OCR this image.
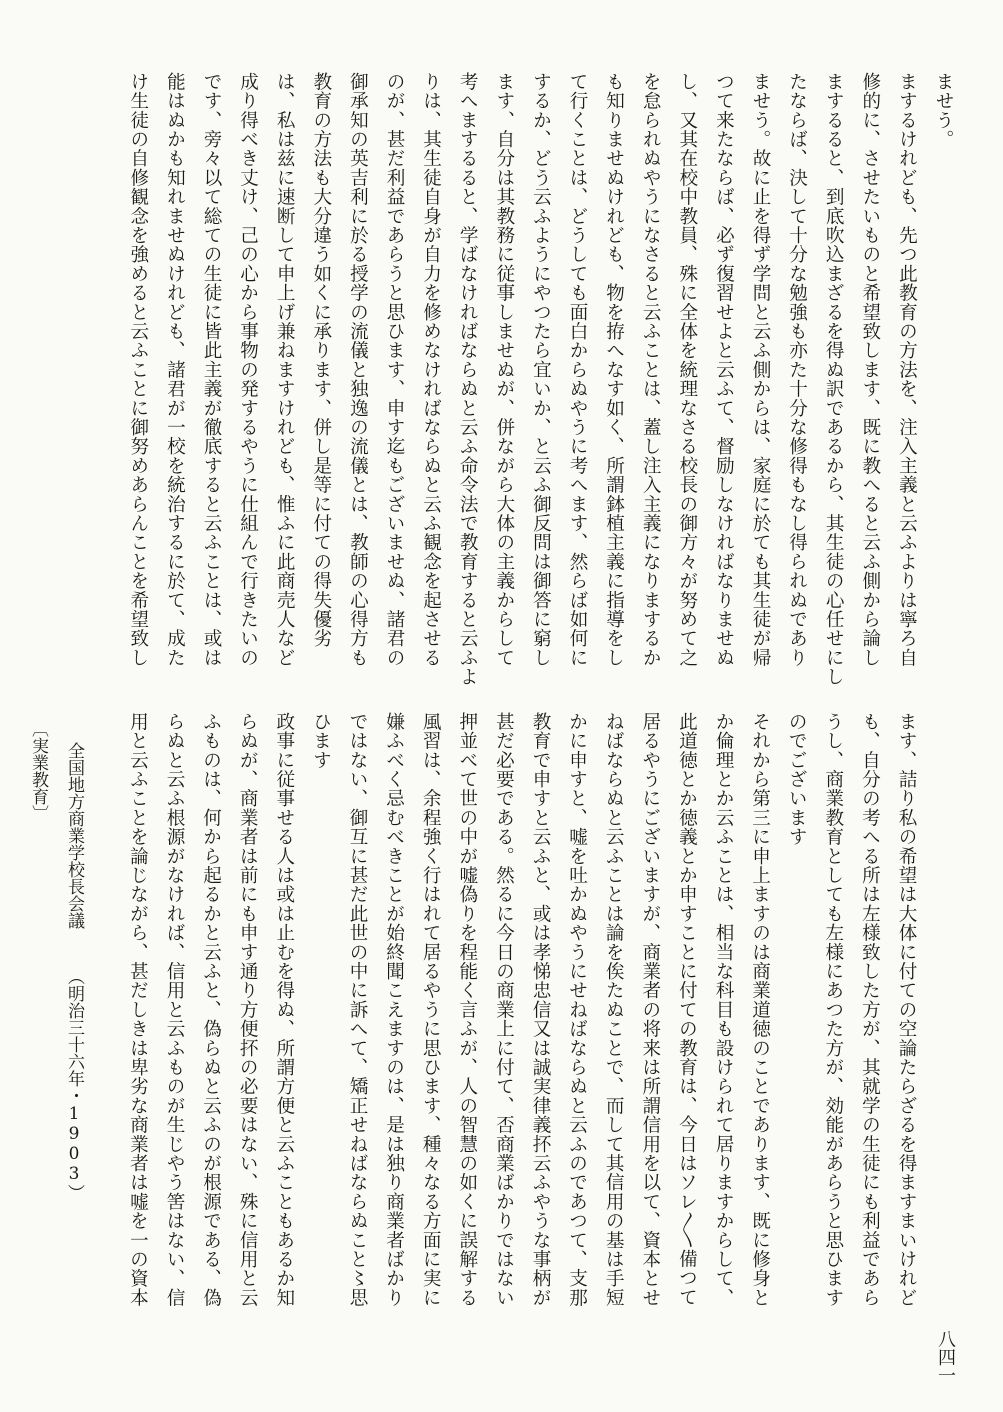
ませう。
まするけれども、先つ此教育の方法を、注入主義と云ふよりは寧ろ自
修的に、させたいものと希望致します、既に教へると云ふ側から論し
まするると、到底吹込まざるを得ぬ訳であるから、其生徒の心任せにし
たならば、決して十分な勉強も亦た十分な修得もなし得られぬであり
ませう。故に止を得ず学問と云ふ側からは、家庭に於ても其生徒が帰
つて来たならば、必ず復習せよと云ふて、督励しなければなりませぬ
し、又其在校中教員、殊に全体を統理なさる校長の御方々が努めて之
を怠られぬやうになさると云ふことは、蓋し注入主義になりまするか
も知りませぬけれども、物を拵へなす如く、所謂鉢植主義に指導をし
て行くことは、どうしても面白からぬやうに考へます、然らば如何に
するか、どう云ふようにやつたら宜いか、と云ふ御反問は御答に窮し
ます、自分は其教務に従事しませぬが、併ながら大体の主義からして
考へまするると、学ばなければならぬと云ふ命令法で教育すると云ふよ
りは、其生徒自身が自力を修めなければならぬと云ふ観念を起させる
のが、甚だ利益であらうと思ひます、申す迄もございませぬ、諸君の
御承知の英吉利に於る授学の流儀と独逸の流儀とは、教師の心得方も
教育の方法も大分違う如くに承ります、併し是等に付ての得失優劣
は、私は兹に速断して申上げ兼ねますけれども、惟ふに此商売人など
成り得べき丈け、己の心から事物の発するやうに仕組んで行きたいの
です、旁々以て総ての生徒に皆此主義が徹底すると云ふことは、或は
能はぬかも知れませぬけれども、諸君が一校を統治するに於て、成た
け生徒の自修観念を強めると云ふことに御努めあらんことを希望致し
ます、詰り私の希望は大体に付ての空論たらざるを得ますまいけれど
も、自分の考へる所は左様致した方が、其就学の生徒にも利益であら
うし、商業教育としても左様にあつた方が、効能があらうと思ひます
のでございます
それから第三に申上ますのは商業道徳のことであります、既に修身と
か倫理とか云ふことは、相当な科目も設けられて居りますからして、
此道徳とか徳義とか申すことに付ての教育は、今日はソレ〳〵備つて
居るやうにございますが、商業者の将来は所謂信用を以て、資本とせ
ねばならぬと云ふことは論を俟たぬことで、而して其信用の基は手短
かに申すと、嘘を吐かぬやうにせねばならぬと云ふのであつて、支那
教育で申すと云ふと、或は孝悌忠信又は誠実律義抔云ふやうな事柄が
甚だ必要である。然るに今日の商業上に付て、否商業ばかりではない
押並べて世の中が嘘偽りを程能く言ふが、人の智慧の如くに誤解する
風習は、余程強く行はれて居るやうに思ひます、種々なる方面に実に
嫌ふべく忌むべきことが始終聞こえますのは、是は独り商業者ばかり
ではない、御互に甚だ此世の中に訴へて、矯正せねばならぬこと〻思
ひます
政事に従事せる人は或は止むを得ぬ、所謂方便と云ふこともあるか知
らぬが、商業者は前にも申す通り方便抔の必要はない、殊に信用と云
ふものは、何から起るかと云ふと、偽らぬと云ふのが根源である、偽
らぬと云ふ根源がなければ、信用と云ふものが生じやう筈はない、信
用と云ふことを論じながら、甚だしきは卑劣な商業者は嘘を一の資本
〔実業教育〕 全国地方商業学校長会議
（明治三十六年・1903）
八四一
